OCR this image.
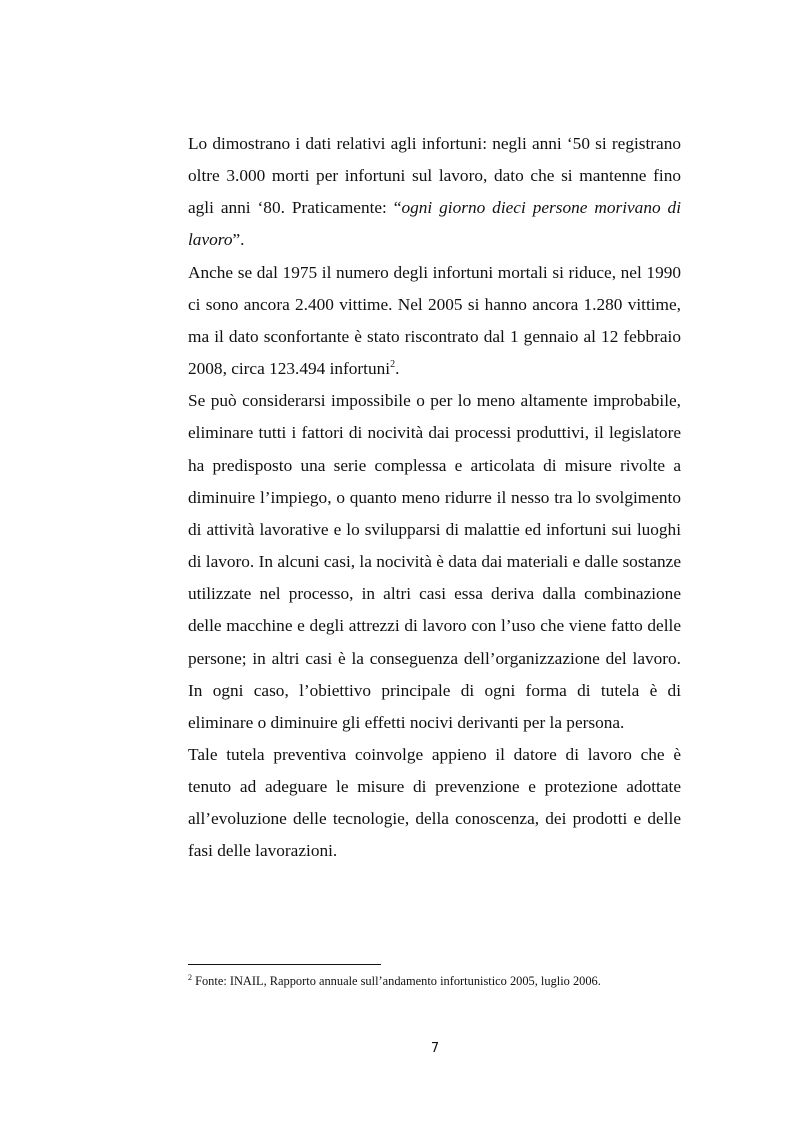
Lo dimostrano i dati relativi agli infortuni: negli anni ‘50 si registrano oltre 3.000 morti per infortuni sul lavoro, dato che si mantenne fino agli anni ‘80. Praticamente: “ogni giorno dieci persone morivano di lavoro”.

Anche se dal 1975 il numero degli infortuni mortali si riduce, nel 1990 ci sono ancora 2.400 vittime. Nel 2005 si hanno ancora 1.280 vittime, ma il dato sconfortante è stato riscontrato dal 1 gennaio al 12 febbraio 2008, circa 123.494 infortuni$^2$.

Se può considerarsi impossibile o per lo meno altamente improbabile, eliminare tutti i fattori di nocività dai processi produttivi, il legislatore ha predisposto una serie complessa e articolata di misure rivolte a diminuire l’impiego, o quanto meno ridurre il nesso tra lo svolgimento di attività lavorative e lo svilupparsi di malattie ed infortuni sui luoghi di lavoro. In alcuni casi, la nocività è data dai materiali e dalle sostanze utilizzate nel processo, in altri casi essa deriva dalla combinazione delle macchine e degli attrezzi di lavoro con l’uso che viene fatto delle persone; in altri casi è la conseguenza dell’organizzazione del lavoro. In ogni caso, l’obiettivo principale di ogni forma di tutela è di eliminare o diminuire gli effetti nocivi derivanti per la persona.

Tale tutela preventiva coinvolge appieno il datore di lavoro che è tenuto ad adeguare le misure di prevenzione e protezione adottate all’evoluzione delle tecnologie, della conoscenza, dei prodotti e delle fasi delle lavorazioni.

$^2$ Fonte: INAIL, Rapporto annuale sull’andamento infortunistico 2005, luglio 2006.
7
